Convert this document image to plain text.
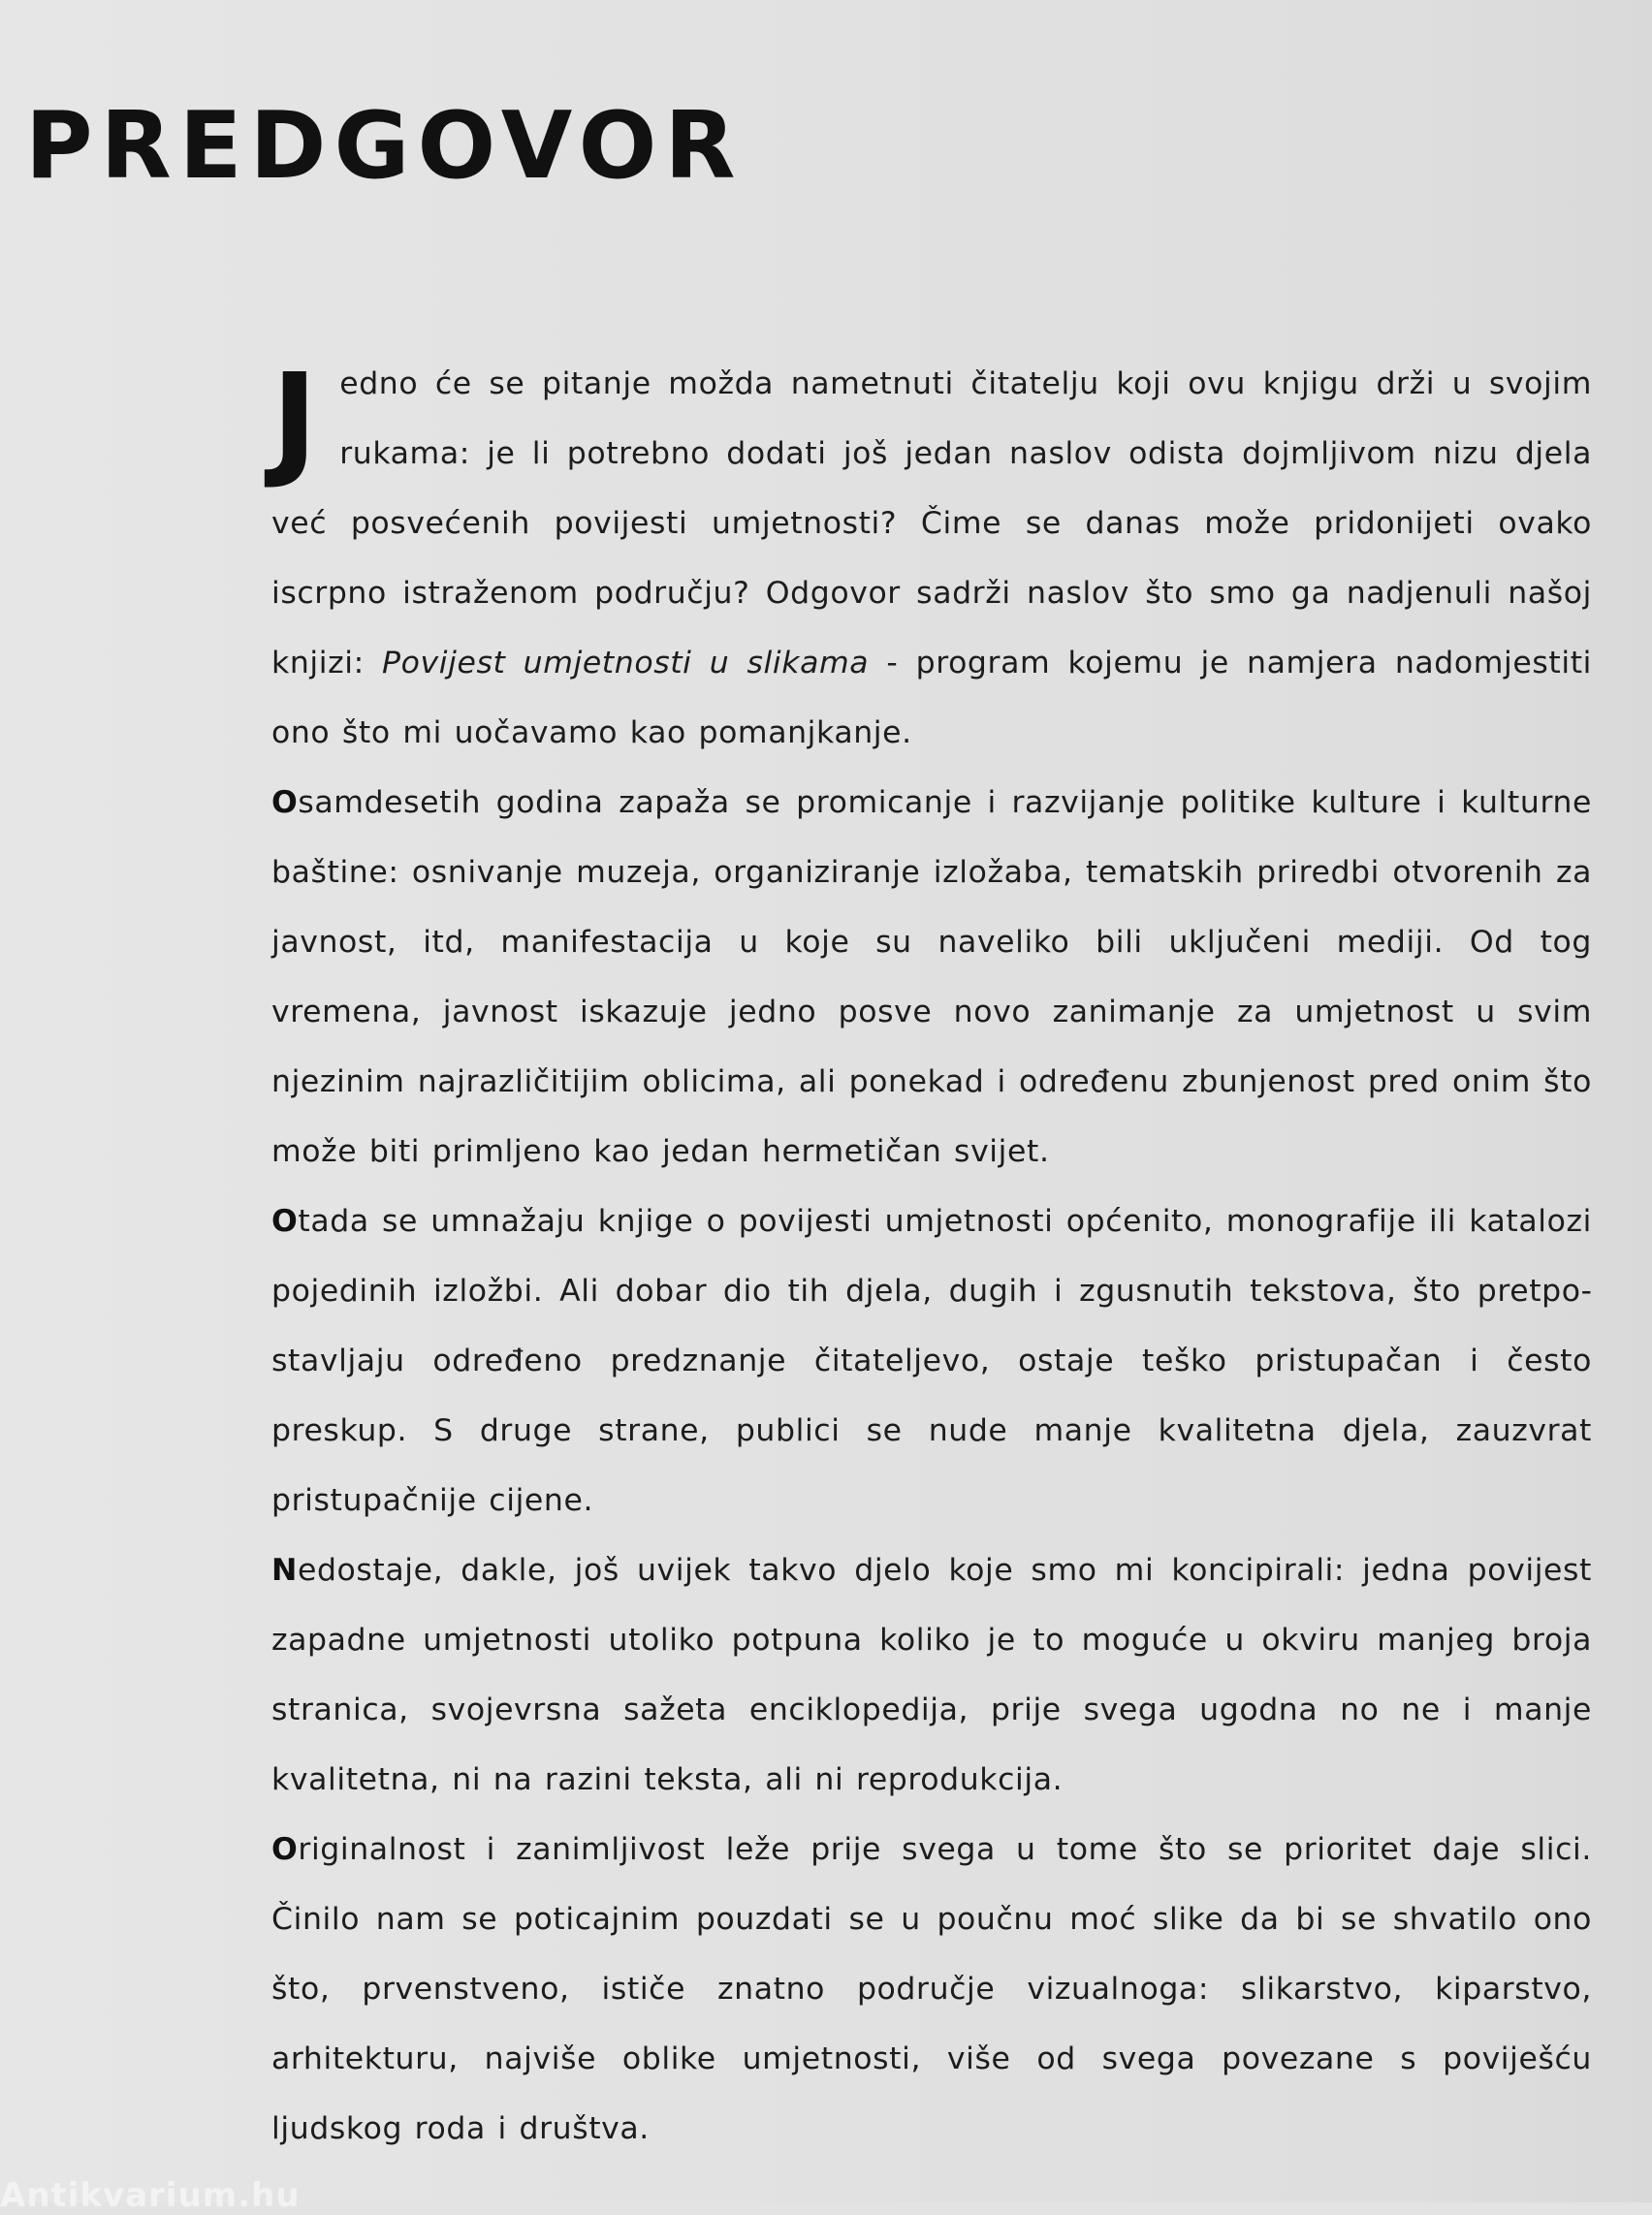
PREDGOVOR

Jedno će se pitanje možda nametnuti čitatelju koji ovu knjigu drži u svojim rukama: je li potrebno dodati još jedan naslov odista dojmljivom nizu djela već posvećenih povijesti umjetnosti? Čime se danas može pridonijeti ovako iscrpno istraženom području? Odgovor sadrži naslov što smo ga nadjenuli našoj knjizi: Povijest umjetnosti u slikama - program kojemu je namjera nadomjestiti ono što mi uočavamo kao pomanjkanje.

Osamdesetih godina zapaža se promicanje i razvijanje politike kulture i kulturne baštine: osnivanje muzeja, organiziranje izložaba, tematskih priredbi otvorenih za javnost, itd, manifestacija u koje su naveliko bili uključeni mediji. Od tog vremena, javnost iskazuje jedno posve novo zanimanje za umjetnost u svim njezinim najrazličitijim oblicima, ali ponekad i određenu zbunjenost pred onim što može biti primljeno kao jedan hermetičan svijet.

Otada se umnažaju knjige o povijesti umjetnosti općenito, monografije ili katalozi pojedinih izložbi. Ali dobar dio tih djela, dugih i zgusnutih tekstova, što pretpostavljaju određeno predznanje čitateljevo, ostaje teško pristupačan i često preskup. S druge strane, publici se nude manje kvalitetna djela, zauzvrat pristupačnije cijene.

Nedostaje, dakle, još uvijek takvo djelo koje smo mi koncipirali: jedna povijest zapadne umjetnosti utoliko potpuna koliko je to moguće u okviru manjeg broja stranica, svojevrsna sažeta enciklopedija, prije svega ugodna no ne i manje kvalitetna, ni na razini teksta, ali ni reprodukcija.

Originalnost i zanimljivost leže prije svega u tome što se prioritet daje slici. Činilo nam se poticajnim pouzdati se u poučnu moć slike da bi se shvatilo ono što, prvenstveno, ističe znatno područje vizualnoga: slikarstvo, kiparstvo, arhitekturu, najviše oblike umjetnosti, više od svega povezane s poviješću ljudskog roda i društva.

Antikvarium.hu
